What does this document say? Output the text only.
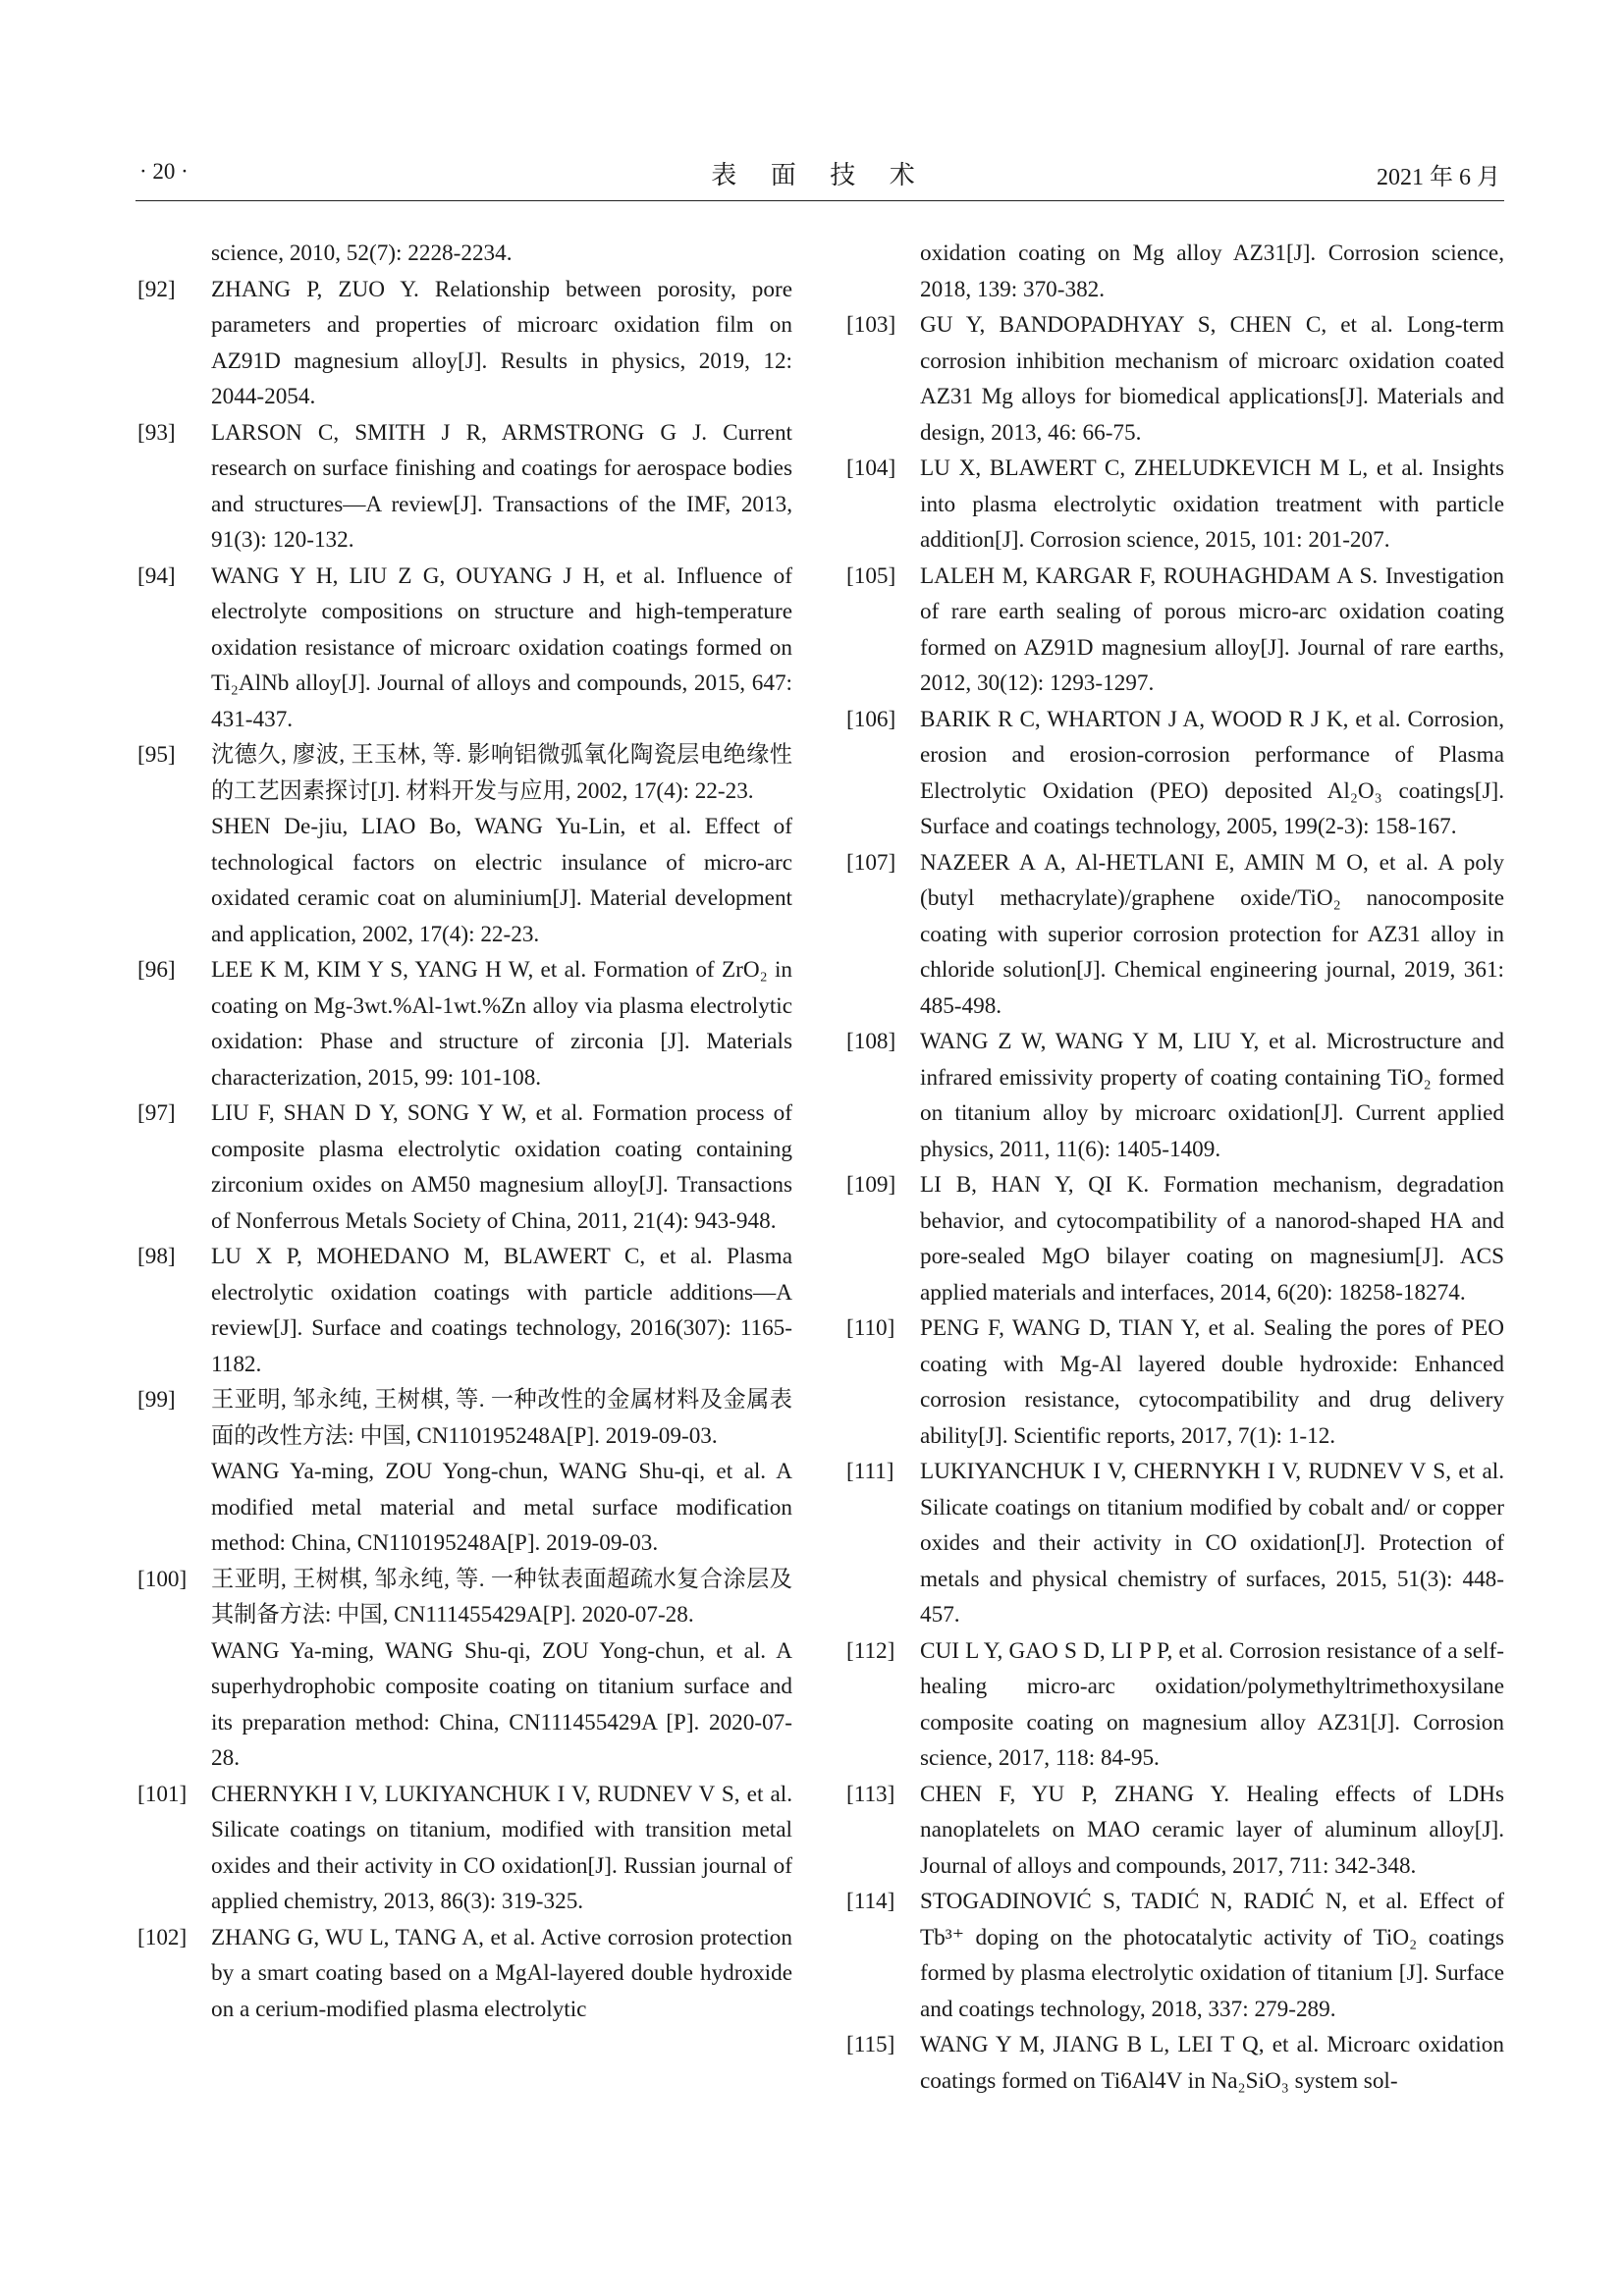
· 20 ·	表 面 技 术	2021 年 6 月
science, 2010, 52(7): 2228-2234.
[92] ZHANG P, ZUO Y. Relationship between porosity, pore parameters and properties of microarc oxidation film on AZ91D magnesium alloy[J]. Results in physics, 2019, 12: 2044-2054.
[93] LARSON C, SMITH J R, ARMSTRONG G J. Current research on surface finishing and coatings for aerospace bodies and structures—A review[J]. Transactions of the IMF, 2013, 91(3): 120-132.
[94] WANG Y H, LIU Z G, OUYANG J H, et al. Influence of electrolyte compositions on structure and high-temperature oxidation resistance of microarc oxidation coatings formed on Ti₂AlNb alloy[J]. Journal of alloys and compounds, 2015, 647: 431-437.
[95] 沈德久, 廖波, 王玉林, 等. 影响铝微弧氧化陶瓷层电绝缘性的工艺因素探讨[J]. 材料开发与应用, 2002, 17(4): 22-23.
SHEN De-jiu, LIAO Bo, WANG Yu-Lin, et al. Effect of technological factors on electric insulance of micro-arc oxidated ceramic coat on aluminium[J]. Material development and application, 2002, 17(4): 22-23.
[96] LEE K M, KIM Y S, YANG H W, et al. Formation of ZrO₂ in coating on Mg-3wt.%Al-1wt.%Zn alloy via plasma electrolytic oxidation: Phase and structure of zirconia [J]. Materials characterization, 2015, 99: 101-108.
[97] LIU F, SHAN D Y, SONG Y W, et al. Formation process of composite plasma electrolytic oxidation coating containing zirconium oxides on AM50 magnesium alloy[J]. Transactions of Nonferrous Metals Society of China, 2011, 21(4): 943-948.
[98] LU X P, MOHEDANO M, BLAWERT C, et al. Plasma electrolytic oxidation coatings with particle additions—A review[J]. Surface and coatings technology, 2016(307): 1165-1182.
[99] 王亚明, 邹永纯, 王树棋, 等. 一种改性的金属材料及金属表面的改性方法: 中国, CN110195248A[P]. 2019-09-03.
WANG Ya-ming, ZOU Yong-chun, WANG Shu-qi, et al. A modified metal material and metal surface modification method: China, CN110195248A[P]. 2019-09-03.
[100] 王亚明, 王树棋, 邹永纯, 等. 一种钛表面超疏水复合涂层及其制备方法: 中国, CN111455429A[P]. 2020-07-28.
WANG Ya-ming, WANG Shu-qi, ZOU Yong-chun, et al. A superhydrophobic composite coating on titanium surface and its preparation method: China, CN111455429A [P]. 2020-07-28.
[101] CHERNYKH I V, LUKIYANCHUK I V, RUDNEV V S, et al. Silicate coatings on titanium, modified with transition metal oxides and their activity in CO oxidation[J]. Russian journal of applied chemistry, 2013, 86(3): 319-325.
[102] ZHANG G, WU L, TANG A, et al. Active corrosion protection by a smart coating based on a MgAl-layered double hydroxide on a cerium-modified plasma electrolytic
oxidation coating on Mg alloy AZ31[J]. Corrosion science, 2018, 139: 370-382.
[103] GU Y, BANDOPADHYAY S, CHEN C, et al. Long-term corrosion inhibition mechanism of microarc oxidation coated AZ31 Mg alloys for biomedical applications[J]. Materials and design, 2013, 46: 66-75.
[104] LU X, BLAWERT C, ZHELUDKEVICH M L, et al. Insights into plasma electrolytic oxidation treatment with particle addition[J]. Corrosion science, 2015, 101: 201-207.
[105] LALEH M, KARGAR F, ROUHAGHDAM A S. Investigation of rare earth sealing of porous micro-arc oxidation coating formed on AZ91D magnesium alloy[J]. Journal of rare earths, 2012, 30(12): 1293-1297.
[106] BARIK R C, WHARTON J A, WOOD R J K, et al. Corrosion, erosion and erosion-corrosion performance of Plasma Electrolytic Oxidation (PEO) deposited Al₂O₃ coatings[J]. Surface and coatings technology, 2005, 199(2-3): 158-167.
[107] NAZEER A A, Al-HETLANI E, AMIN M O, et al. A poly (butyl methacrylate)/graphene oxide/TiO₂ nanocomposite coating with superior corrosion protection for AZ31 alloy in chloride solution[J]. Chemical engineering journal, 2019, 361: 485-498.
[108] WANG Z W, WANG Y M, LIU Y, et al. Microstructure and infrared emissivity property of coating containing TiO₂ formed on titanium alloy by microarc oxidation[J]. Current applied physics, 2011, 11(6): 1405-1409.
[109] LI B, HAN Y, QI K. Formation mechanism, degradation behavior, and cytocompatibility of a nanorod-shaped HA and pore-sealed MgO bilayer coating on magnesium[J]. ACS applied materials and interfaces, 2014, 6(20): 18258-18274.
[110] PENG F, WANG D, TIAN Y, et al. Sealing the pores of PEO coating with Mg-Al layered double hydroxide: Enhanced corrosion resistance, cytocompatibility and drug delivery ability[J]. Scientific reports, 2017, 7(1): 1-12.
[111] LUKIYANCHUK I V, CHERNYKH I V, RUDNEV V S, et al. Silicate coatings on titanium modified by cobalt and/ or copper oxides and their activity in CO oxidation[J]. Protection of metals and physical chemistry of surfaces, 2015, 51(3): 448-457.
[112] CUI L Y, GAO S D, LI P P, et al. Corrosion resistance of a self-healing micro-arc oxidation/polymethyltrimethoxysilane composite coating on magnesium alloy AZ31[J]. Corrosion science, 2017, 118: 84-95.
[113] CHEN F, YU P, ZHANG Y. Healing effects of LDHs nanoplatelets on MAO ceramic layer of aluminum alloy[J]. Journal of alloys and compounds, 2017, 711: 342-348.
[114] STOGADINOVIĆ S, TADIĆ N, RADIĆ N, et al. Effect of Tb³⁺ doping on the photocatalytic activity of TiO₂ coatings formed by plasma electrolytic oxidation of titanium [J]. Surface and coatings technology, 2018, 337: 279-289.
[115] WANG Y M, JIANG B L, LEI T Q, et al. Microarc oxidation coatings formed on Ti6Al4V in Na₂SiO₃ system sol-
